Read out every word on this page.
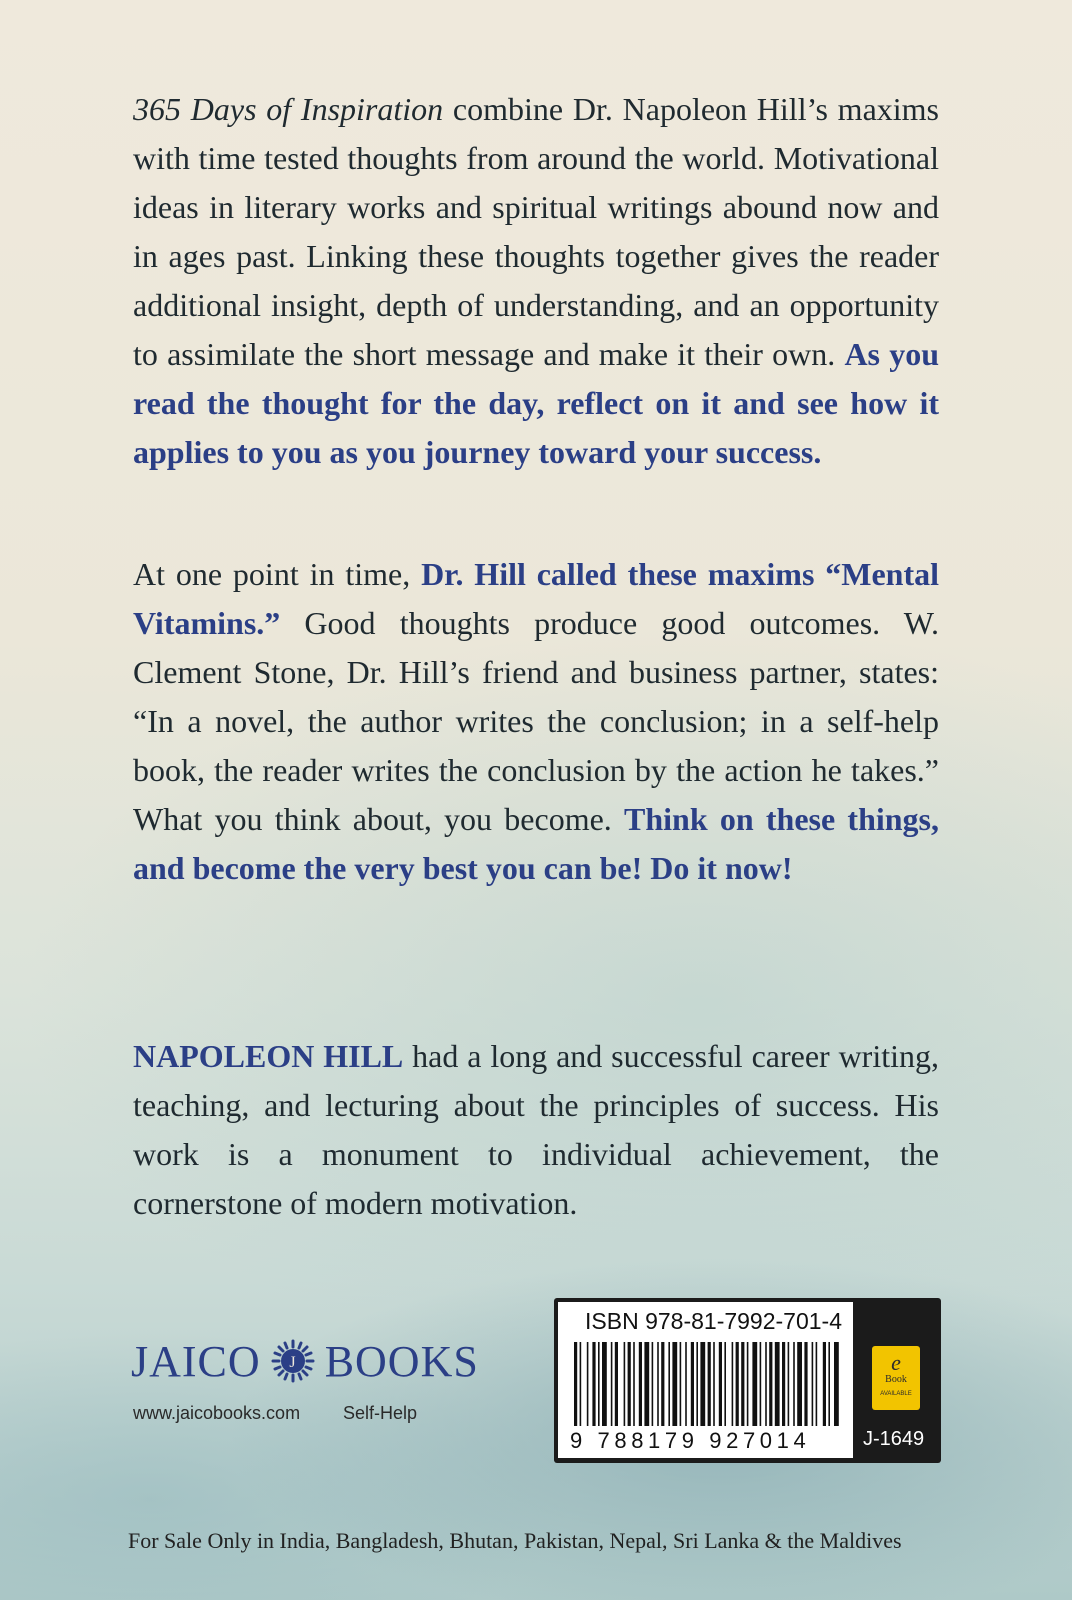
365 Days of Inspiration combine Dr. Napoleon Hill’s maxims with time tested thoughts from around the world. Motivational ideas in literary works and spiritual writings abound now and in ages past. Linking these thoughts together gives the reader additional insight, depth of understanding, and an opportunity to assimilate the short message and make it their own. As you read the thought for the day, reflect on it and see how it applies to you as you journey toward your success.
At one point in time, Dr. Hill called these maxims “Mental Vitamins.” Good thoughts produce good outcomes. W. Clement Stone, Dr. Hill’s friend and business partner, states: “In a novel, the author writes the conclusion; in a self-help book, the reader writes the conclusion by the action he takes.” What you think about, you become. Think on these things, and become the very best you can be! Do it now!
NAPOLEON HILL had a long and successful career writing, teaching, and lecturing about the principles of success. His work is a monument to individual achievement, the cornerstone of modern motivation.
JAICO J BOOKS
www.jaicobooks.com Self-Help
ISBN 978-81-7992-701-4
9 788179 927014
e
Book
AVAILABLE
J-1649
For Sale Only in India, Bangladesh, Bhutan, Pakistan, Nepal, Sri Lanka & the Maldives
